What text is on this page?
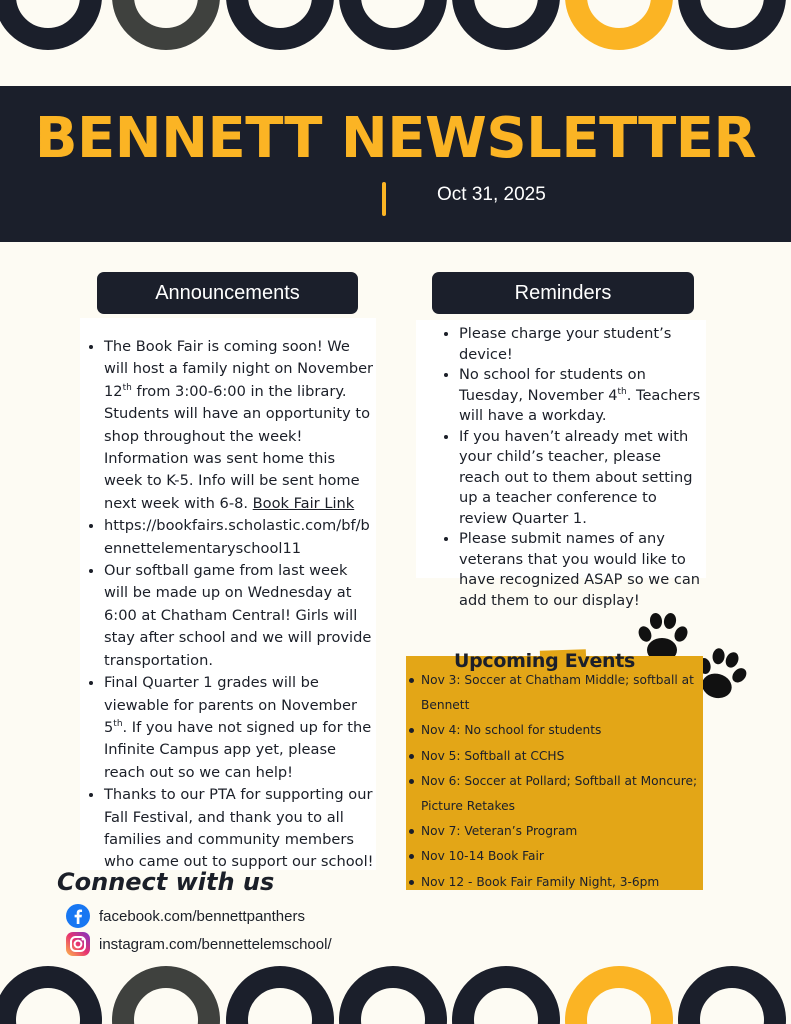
BENNETT NEWSLETTER
Oct 31, 2025
Announcements
• The Book Fair is coming soon! We will host a family night on November 12th from 3:00-6:00 in the library. Students will have an opportunity to shop throughout the week! Information was sent home this week to K-5. Info will be sent home next week with 6-8. Book Fair Link
• https://bookfairs.scholastic.com/bf/bennettelementaryschool11
• Our softball game from last week will be made up on Wednesday at 6:00 at Chatham Central! Girls will stay after school and we will provide transportation.
• Final Quarter 1 grades will be viewable for parents on November 5th. If you have not signed up for the Infinite Campus app yet, please reach out so we can help!
• Thanks to our PTA for supporting our Fall Festival, and thank you to all families and community members who came out to support our school!
Reminders
• Please charge your student’s device!
• No school for students on Tuesday, November 4th. Teachers will have a workday.
• If you haven’t already met with your child’s teacher, please reach out to them about setting up a teacher conference to review Quarter 1.
• Please submit names of any veterans that you would like to have recognized ASAP so we can add them to our display!
Nov 3: Soccer at Chatham Middle; softball at Bennett
Nov 4: No school for students
Nov 5: Softball at CCHS
Nov 6: Soccer at Pollard; Softball at Moncure; Picture Retakes
Nov 7: Veteran’s Program
Nov 10-14 Book Fair
Nov 12 - Book Fair Family Night, 3-6pm
Upcoming Events
Connect with us
facebook.com/bennettpanthers
instagram.com/bennettelemschool/
